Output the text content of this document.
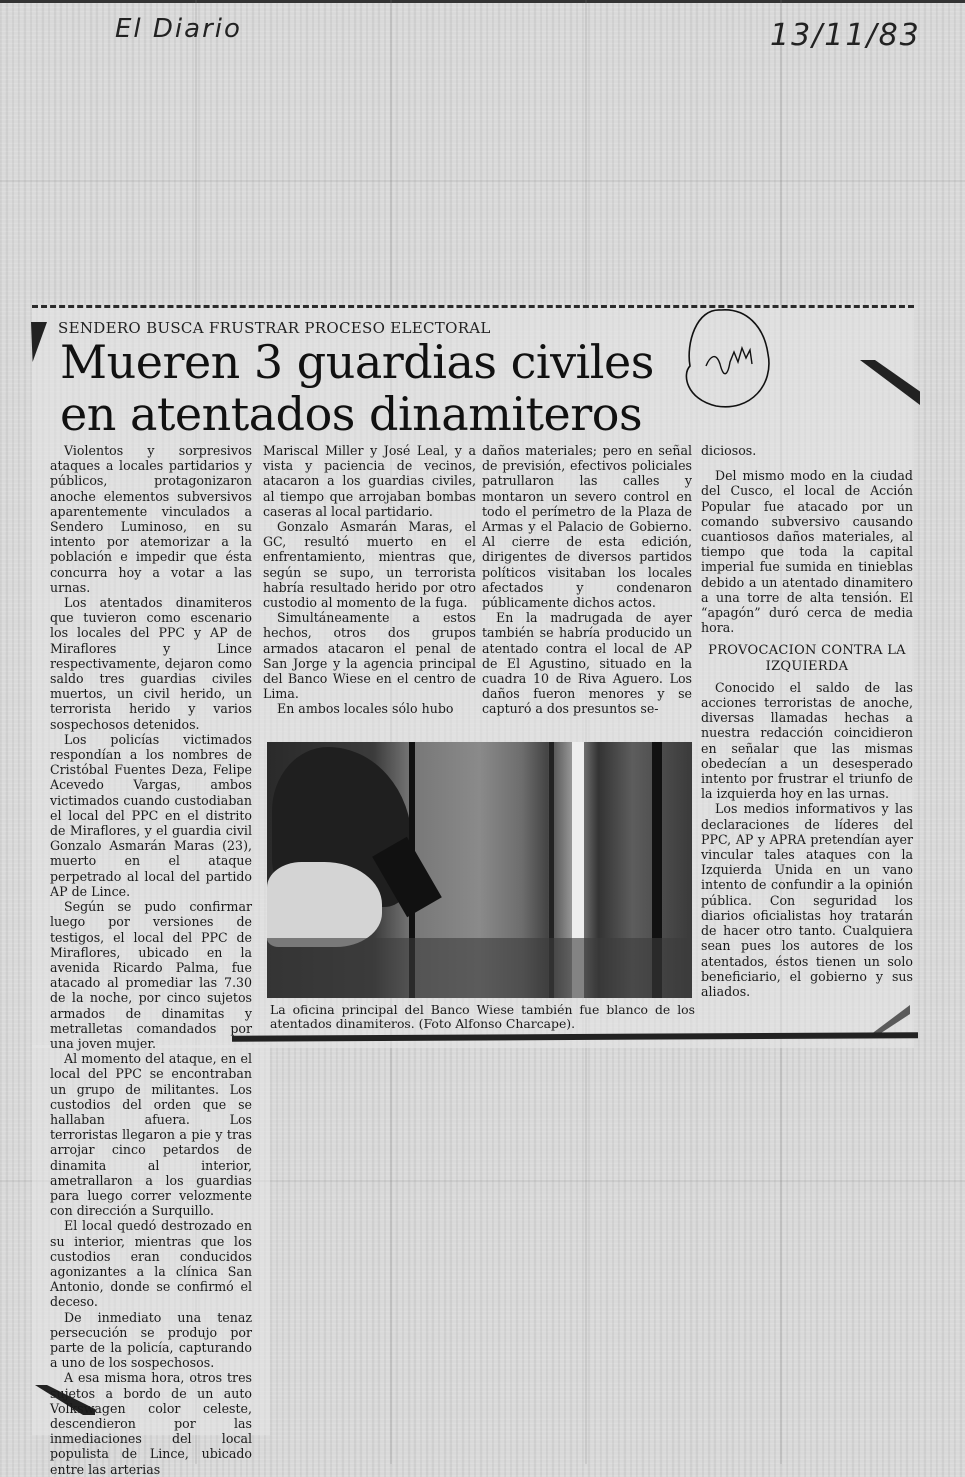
El Diario	13/11/83
SENDERO BUSCA FRUSTRAR PROCESO ELECTORAL
Mueren 3 guardias civiles
en atentados dinamiteros

Violentos y sorpresivos ataques a locales partidarios y públicos, protagonizaron anoche elementos subversivos aparentemente vinculados a Sendero Luminoso, en su intento por atemorizar a la población e impedir que ésta concurra hoy a votar a las urnas.

Los atentados dinamiteros que tuvieron como escenario los locales del PPC y AP de Miraflores y Lince respectivamente, dejaron como saldo tres guardias civiles muertos, un civil herido, un terrorista herido y varios sospechosos detenidos.

Los policías victimados respondían a los nombres de Cristóbal Fuentes Deza, Felipe Acevedo Vargas, ambos victimados cuando custodiaban el local del PPC en el distrito de Miraflores, y el guardia civil Gonzalo Asmarán Maras (23), muerto en el ataque perpetrado al local del partido AP de Lince.

Según se pudo confirmar luego por versiones de testigos, el local del PPC de Miraflores, ubicado en la avenida Ricardo Palma, fue atacado al promediar las 7.30 de la noche, por cinco sujetos armados de dinamitas y metralletas comandados por una joven mujer.

Al momento del ataque, en el local del PPC se encontraban un grupo de militantes. Los custodios del orden que se hallaban afuera. Los terroristas llegaron a pie y tras arrojar cinco petardos de dinamita al interior, ametrallaron a los guardias para luego correr velozmente con dirección a Surquillo.

El local quedó destrozado en su interior, mientras que los custodios eran conducidos agonizantes a la clínica San Antonio, donde se confirmó el deceso.

De inmediato una tenaz persecución se produjo por parte de la policía, capturando a uno de los sospechosos.

A esa misma hora, otros tres sujetos a bordo de un auto Volkswagen color celeste, descendieron por las inmediaciones del local populista de Lince, ubicado entre las arterias

Mariscal Miller y José Leal, y a vista y paciencia de vecinos, atacaron a los guardias civiles, al tiempo que arrojaban bombas caseras al local partidario.

Gonzalo Asmarán Maras, el GC, resultó muerto en el enfrentamiento, mientras que, según se supo, un terrorista habría resultado herido por otro custodio al momento de la fuga.

Simultáneamente a estos hechos, otros dos grupos armados atacaron el penal de San Jorge y la agencia principal del Banco Wiese en el centro de Lima.

En ambos locales sólo hubo

daños materiales; pero en señal de previsión, efectivos policiales patrullaron las calles y montaron un severo control en todo el perímetro de la Plaza de Armas y el Palacio de Gobierno. Al cierre de esta edición, dirigentes de diversos partidos políticos visitaban los locales afectados y condenaron públicamente dichos actos.

En la madrugada de ayer también se habría producido un atentado contra el local de AP de El Agustino, situado en la cuadra 10 de Riva Aguero. Los daños fueron menores y se capturó a dos presuntos se-

diciosos.

Del mismo modo en la ciudad del Cusco, el local de Acción Popular fue atacado por un comando subversivo causando cuantiosos daños materiales, al tiempo que toda la capital imperial fue sumida en tinieblas debido a un atentado dinamitero a una torre de alta tensión. El “apagón” duró cerca de media hora.

PROVOCACION CONTRA LA IZQUIERDA

Conocido el saldo de las acciones terroristas de anoche, diversas llamadas hechas a nuestra redacción coincidieron en señalar que las mismas obedecían a un desesperado intento por frustrar el triunfo de la izquierda hoy en las urnas.

Los medios informativos y las declaraciones de líderes del PPC, AP y APRA pretendían ayer vincular tales ataques con la Izquierda Unida en un vano intento de confundir a la opinión pública. Con seguridad los diarios oficialistas hoy tratarán de hacer otro tanto. Cualquiera sean pues los autores de los atentados, éstos tienen un solo beneficiario, el gobierno y sus aliados.

La oficina principal del Banco Wiese también fue blanco de los atentados dinamiteros. (Foto Alfonso Charcape).
